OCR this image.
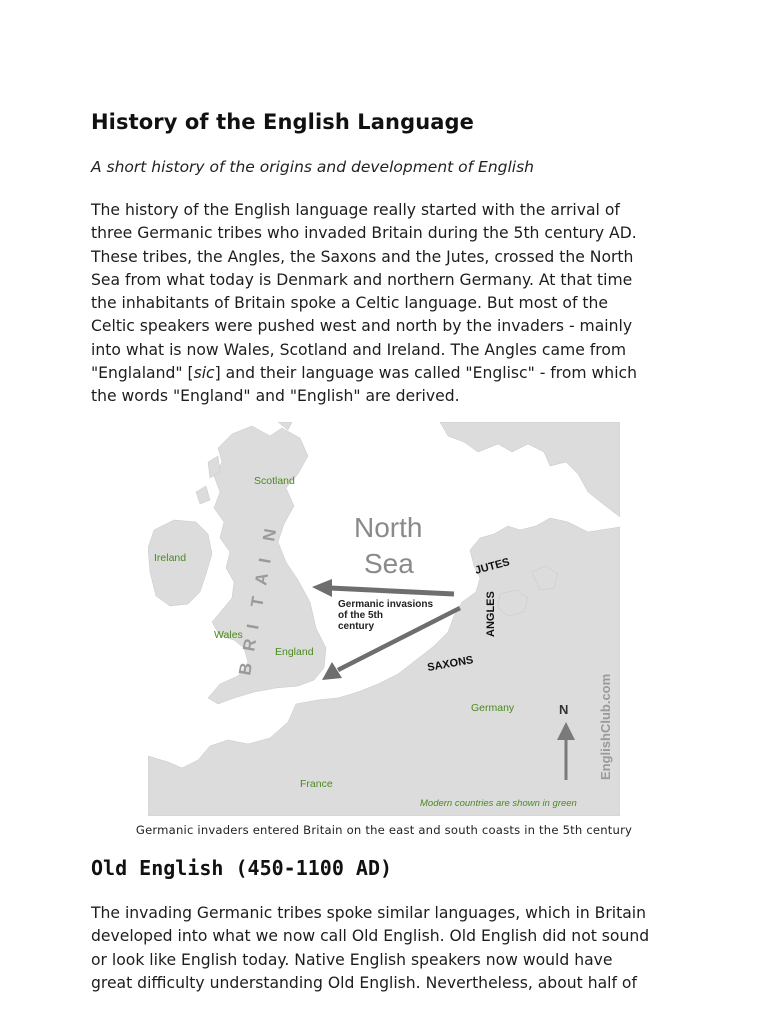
History of the English Language

A short history of the origins and development of English

The history of the English language really started with the arrival of
three Germanic tribes who invaded Britain during the 5th century AD.
These tribes, the Angles, the Saxons and the Jutes, crossed the North
Sea from what today is Denmark and northern Germany. At that time
the inhabitants of Britain spoke a Celtic language. But most of the
Celtic speakers were pushed west and north by the invaders - mainly
into what is now Wales, Scotland and Ireland. The Angles came from
"Englaland" [sic] and their language was called "Englisc" - from which
the words "England" and "English" are derived.
Scotland
Ireland
Wales
England
Germany
France
N
I
A
T
I
R
B
North
Sea
Germanic invasions
of the 5th
century
JUTES
ANGLES
SAXONS
N EnglishClub.com
Modern countries are shown in green
Germanic invaders entered Britain on the east and south coasts in the 5th century
Old English (450-1100 AD)
The invading Germanic tribes spoke similar languages, which in Britain
developed into what we now call Old English. Old English did not sound
or look like English today. Native English speakers now would have
great difficulty understanding Old English. Nevertheless, about half of
